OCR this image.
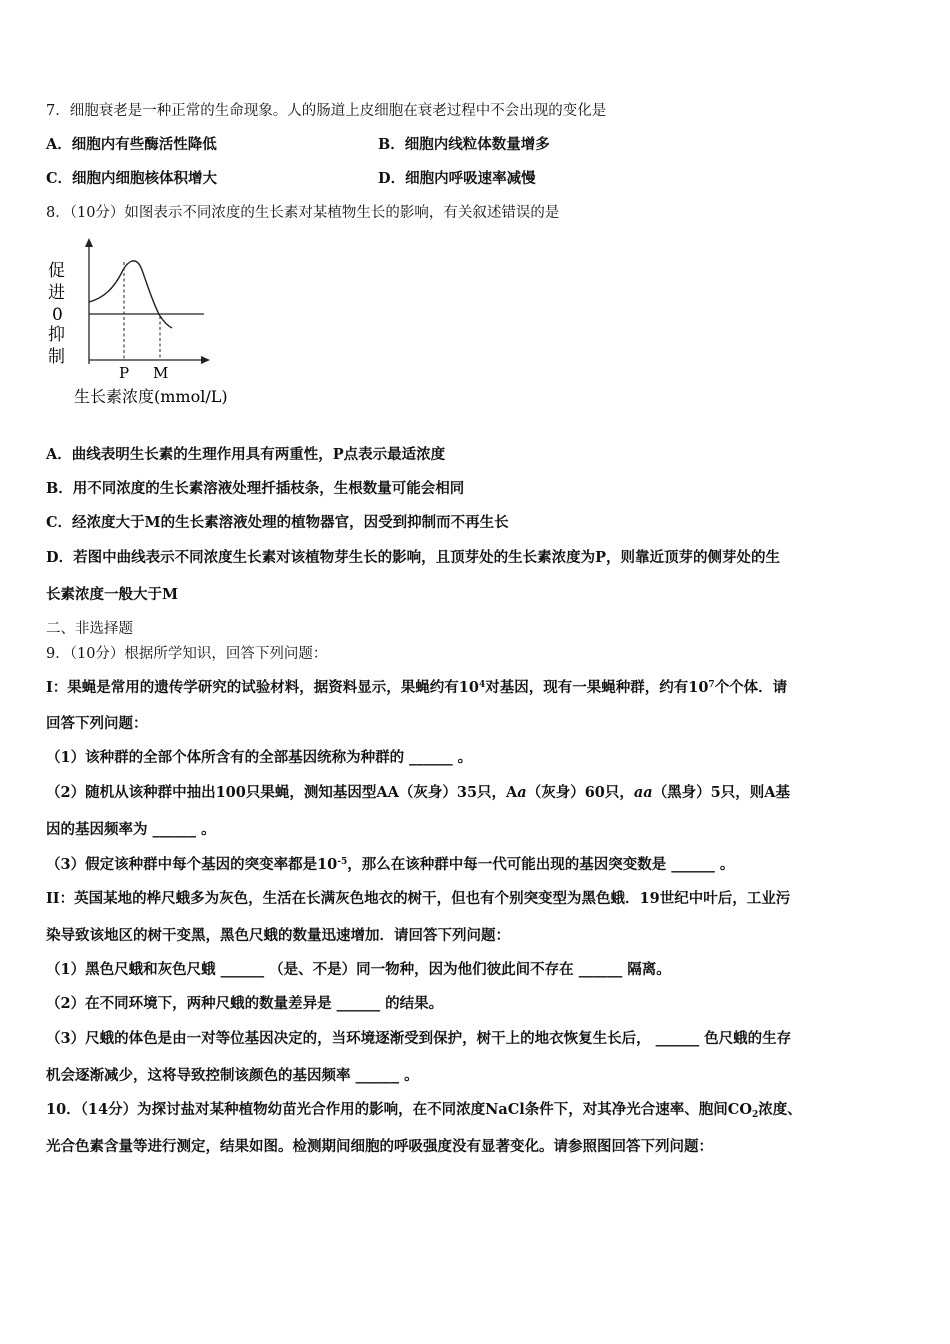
7．细胞衰老是一种正常的生命现象。人的肠道上皮细胞在衰老过程中不会出现的变化是
A．细胞内有些酶活性降低	B．细胞内线粒体数量增多
C．细胞内细胞核体积增大	D．细胞内呼吸速率减慢
8．（10分）如图表示不同浓度的生长素对某植物生长的影响，有关叙述错误的是
促
进
0
抑
制
P M
生长素浓度(mmol/L)
A．曲线表明生长素的生理作用具有两重性，P点表示最适浓度
B．用不同浓度的生长素溶液处理扦插枝条，生根数量可能会相同
C．经浓度大于M的生长素溶液处理的植物器官，因受到抑制而不再生长
D．若图中曲线表示不同浓度生长素对该植物芽生长的影响，且顶芽处的生长素浓度为P，则靠近顶芽的侧芽处的生
长素浓度一般大于M
二、非选择题
9．（10分）根据所学知识，回答下列问题：
I：果蝇是常用的遗传学研究的试验材料，据资料显示，果蝇约有$10^4$对基因，现有一果蝇种群，约有$10^7$个个体．请
回答下列问题：
（1）该种群的全部个体所含有的全部基因统称为种群的 ______ 。
（2）随机从该种群中抽出100只果蝇，测知基因型AA（灰身）35只，Aa（灰身）60只，aa（黑身）5只，则A基
因的基因频率为 ______ 。
（3）假定该种群中每个基因的突变率都是$10^{-5}$，那么在该种群中每一代可能出现的基因突变数是 ______ 。
II：英国某地的桦尺蛾多为灰色，生活在长满灰色地衣的树干，但也有个别突变型为黑色蛾．19世纪中叶后，工业污
染导致该地区的树干变黑，黑色尺蛾的数量迅速增加．请回答下列问题：
（1）黑色尺蛾和灰色尺蛾 ______ （是、不是）同一物种，因为他们彼此间不存在 ______ 隔离。
（2）在不同环境下，两种尺蛾的数量差异是 ______ 的结果。
（3）尺蛾的体色是由一对等位基因决定的，当环境逐渐受到保护，树干上的地衣恢复生长后， ______ 色尺蛾的生存
机会逐渐减少，这将导致控制该颜色的基因频率 ______ 。
10．（14分）为探讨盐对某种植物幼苗光合作用的影响，在不同浓度NaCl条件下，对其净光合速率、胞间$CO_2$浓度、
光合色素含量等进行测定，结果如图。检测期间细胞的呼吸强度没有显著变化。请参照图回答下列问题：
